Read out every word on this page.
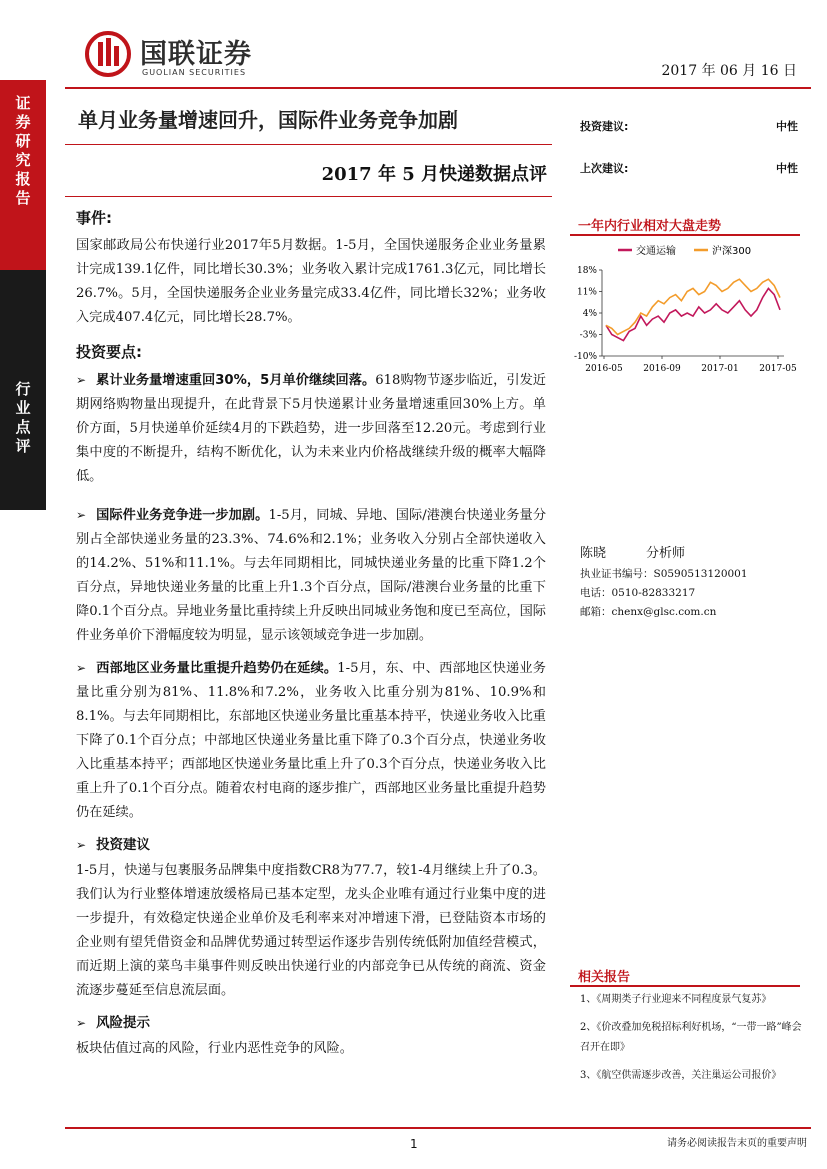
国联证券
GUOLIAN SECURITIES	2017 年 06 月 16 日
证
券
研
究
报
告
行
业
点
评
单月业务量增速回升，国际件业务竞争加剧
2017 年 5 月快递数据点评
投资建议:	中性
上次建议:	中性
一年内行业相对大盘走势
18%
11%
4%
-3%
-10%
2016-05 2016-09 2017-01 2017-05
交通运输	沪深300
事件:

国家邮政局公布快递行业2017年5月数据。1-5月，全国快递服务企业业务量累计完成139.1亿件，同比增长30.3%；业务收入累计完成1761.3亿元，同比增长26.7%。5月，全国快递服务企业业务量完成33.4亿件，同比增长32%；业务收入完成407.4亿元，同比增长28.7%。

投资要点:

➢ 累计业务量增速重回30%，5月单价继续回落。618购物节逐步临近，引发近期网络购物量出现提升，在此背景下5月快递累计业务量增速重回30%上方。单价方面，5月快递单价延续4月的下跌趋势，进一步回落至12.20元。考虑到行业集中度的不断提升，结构不断优化，认为未来业内价格战继续升级的概率大幅降低。

➢ 国际件业务竞争进一步加剧。1-5月，同城、异地、国际/港澳台快递业务量分别占全部快递业务量的23.3%、74.6%和2.1%；业务收入分别占全部快递收入的14.2%、51%和11.1%。与去年同期相比，同城快递业务量的比重下降1.2个百分点，异地快递业务量的比重上升1.3个百分点，国际/港澳台业务量的比重下降0.1个百分点。异地业务量比重持续上升反映出同城业务饱和度已至高位，国际件业务单价下滑幅度较为明显，显示该领域竞争进一步加剧。

➢ 西部地区业务量比重提升趋势仍在延续。1-5月，东、中、西部地区快递业务量比重分别为81%、11.8%和7.2%，业务收入比重分别为81%、10.9%和8.1%。与去年同期相比，东部地区快递业务量比重基本持平，快递业务收入比重下降了0.1个百分点；中部地区快递业务量比重下降了0.3个百分点，快递业务收入比重基本持平；西部地区快递业务量比重上升了0.3个百分点，快递业务收入比重上升了0.1个百分点。随着农村电商的逐步推广，西部地区业务量比重提升趋势仍在延续。

➢ 投资建议

1-5月，快递与包裹服务品牌集中度指数CR8为77.7，较1-4月继续上升了0.3。我们认为行业整体增速放缓格局已基本定型，龙头企业唯有通过行业集中度的进一步提升，有效稳定快递企业单价及毛利率来对冲增速下滑，已登陆资本市场的企业则有望凭借资金和品牌优势通过转型运作逐步告别传统低附加值经营模式，而近期上演的菜鸟丰巢事件则反映出快递行业的内部竞争已从传统的商流、资金流逐步蔓延至信息流层面。

➢ 风险提示

板块估值过高的风险，行业内恶性竞争的风险。

陈晓	分析师
执业证书编号：S0590513120001
电话：0510-82833217
邮箱：chenx@glsc.com.cn
相关报告
1、《周期类子行业迎来不同程度景气复苏》
2、《价改叠加免税招标利好机场，“一带一路”峰会召开在即》
3、《航空供需逐步改善，关注巢运公司报价》
1	请务必阅读报告末页的重要声明
